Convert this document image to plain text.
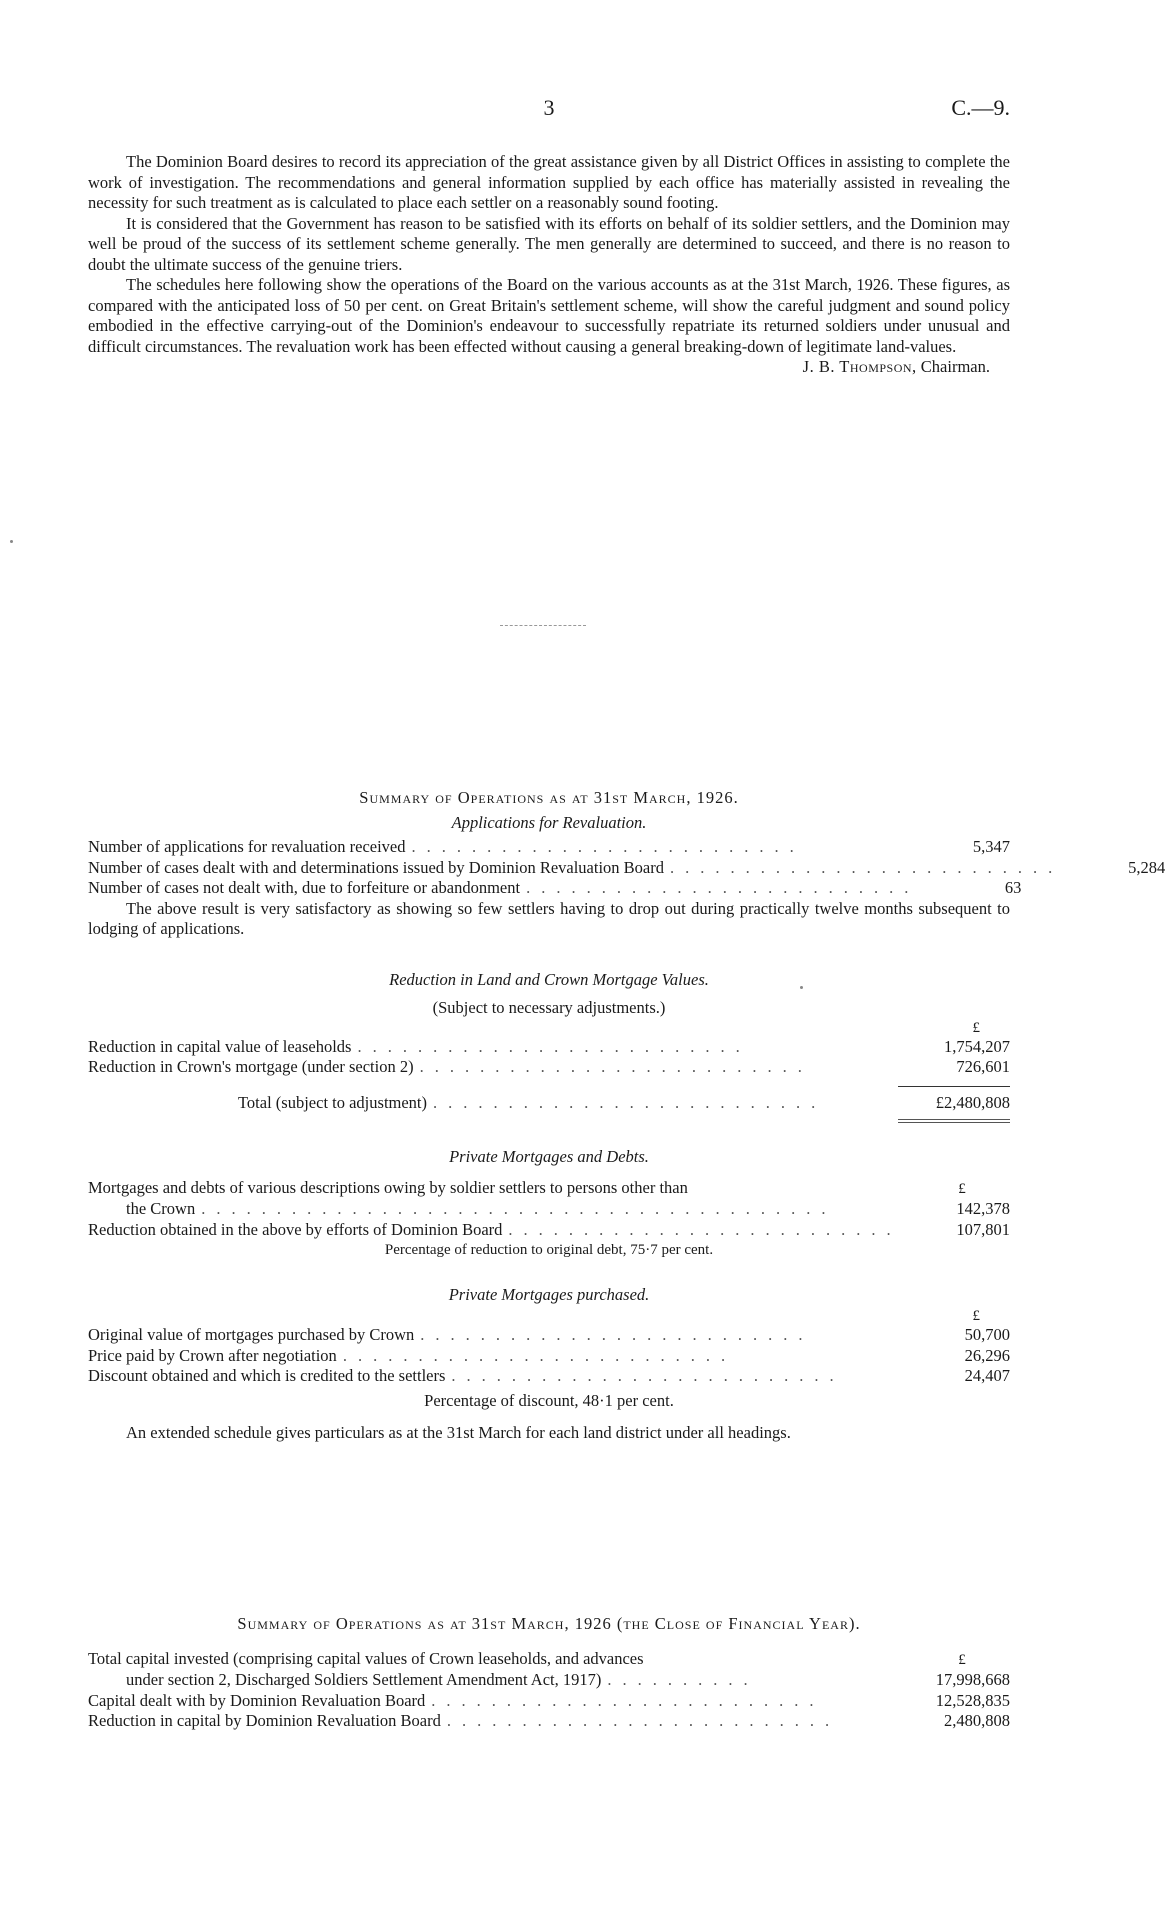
3	C.—9.

The Dominion Board desires to record its appreciation of the great assistance given by all District Offices in assisting to complete the work of investigation. The recommendations and general information supplied by each office has materially assisted in revealing the necessity for such treatment as is calculated to place each settler on a reasonably sound footing.

It is considered that the Government has reason to be satisfied with its efforts on behalf of its soldier settlers, and the Dominion may well be proud of the success of its settlement scheme generally. The men generally are determined to succeed, and there is no reason to doubt the ultimate success of the genuine triers.

The schedules here following show the operations of the Board on the various accounts as at the 31st March, 1926. These figures, as compared with the anticipated loss of 50 per cent. on Great Britain's settlement scheme, will show the careful judgment and sound policy embodied in the effective carrying-out of the Dominion's endeavour to successfully repatriate its returned soldiers under unusual and difficult circumstances. The revaluation work has been effected without causing a general breaking-down of legitimate land-values.

J. B. Thompson, Chairman.
Summary of Operations as at 31st March, 1926.
Applications for Revaluation.
Number of applications for revaluation received ..........................	5,347
Number of cases dealt with and determinations issued by Dominion Revaluation Board ..........................	5,284
Number of cases not dealt with, due to forfeiture or abandonment ..........................	63

The above result is very satisfactory as showing so few settlers having to drop out during practically twelve months subsequent to lodging of applications.

Reduction in Land and Crown Mortgage Values.
(Subject to necessary adjustments.)
£
Reduction in capital value of leaseholds ..........................	1,754,207
Reduction in Crown's mortgage (under section 2) ..........................	726,601
Total (subject to adjustment) ..........................	£2,480,808
Private Mortgages and Debts.
Mortgages and debts of various descriptions owing by soldier settlers to persons other than	£
the Crown ..........................................	142,378
Reduction obtained in the above by efforts of Dominion Board ..........................	107,801
Percentage of reduction to original debt, 75·7 per cent.
Private Mortgages purchased.
£
Original value of mortgages purchased by Crown ..........................	50,700
Price paid by Crown after negotiation ..........................	26,296
Discount obtained and which is credited to the settlers ..........................	24,407
Percentage of discount, 48·1 per cent.

An extended schedule gives particulars as at the 31st March for each land district under all headings.

Summary of Operations as at 31st March, 1926 (the Close of Financial Year).
Total capital invested (comprising capital values of Crown leaseholds, and advances	£
under section 2, Discharged Soldiers Settlement Amendment Act, 1917) ..........	17,998,668
Capital dealt with by Dominion Revaluation Board ..........................	12,528,835
Reduction in capital by Dominion Revaluation Board ..........................	2,480,808
